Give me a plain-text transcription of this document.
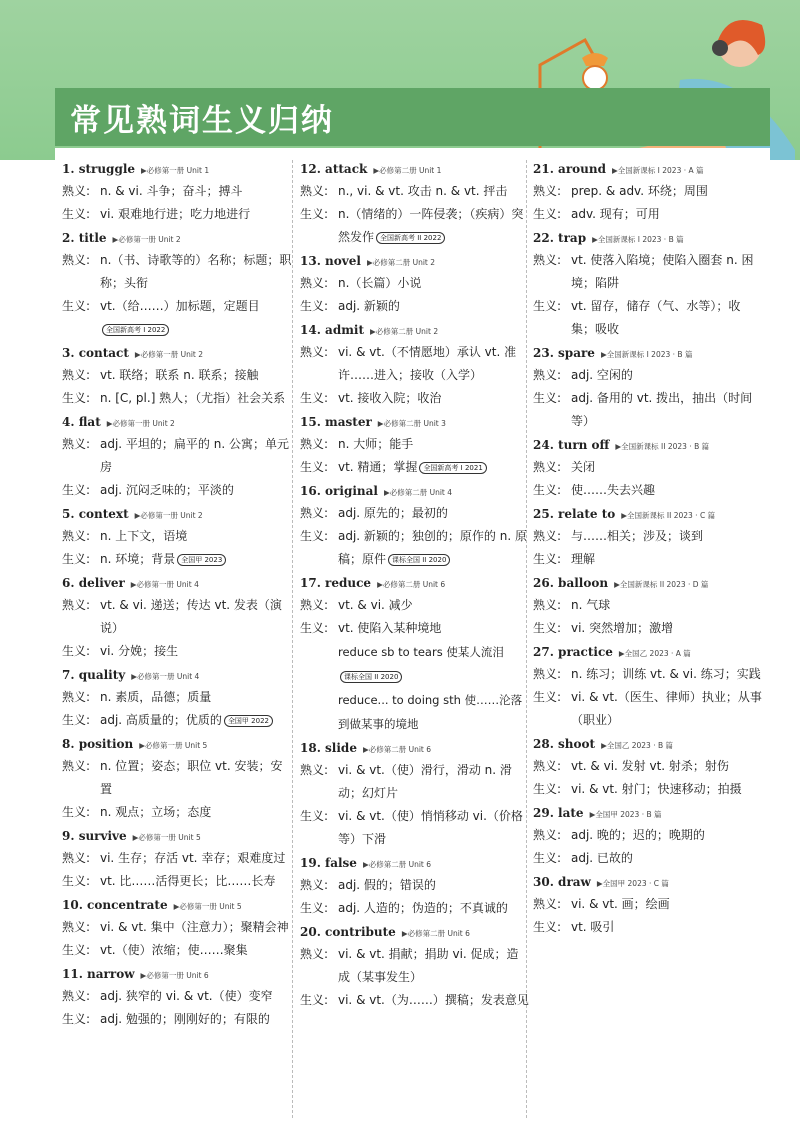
常见熟词生义归纳
1. struggle ▶必修第一册 Unit 1
熟义: n. & vi. 斗争；奋斗；搏斗
生义: vi. 艰难地行进；吃力地进行
2. title ▶必修第一册 Unit 2
熟义: n.（书、诗歌等的）名称；标题；职称；头衔
生义: vt.（给……）加标题，定题目全国新高考 I 2022
3. contact ▶必修第一册 Unit 2
熟义: vt. 联络；联系 n. 联系；接触
生义: n. [C, pl.] 熟人；（尤指）社会关系
4. flat ▶必修第一册 Unit 2
熟义: adj. 平坦的；扁平的 n. 公寓；单元房
生义: adj. 沉闷乏味的；平淡的
5. context ▶必修第一册 Unit 2
熟义: n. 上下文，语境
生义: n. 环境；背景 全国甲 2023
6. deliver ▶必修第一册 Unit 4
熟义: vt. & vi. 递送；传达 vt. 发表（演说）
生义: vi. 分娩；接生
7. quality ▶必修第一册 Unit 4
熟义: n. 素质，品德；质量
生义: adj. 高质量的；优质的 全国甲 2022
8. position ▶必修第一册 Unit 5
熟义: n. 位置；姿态；职位 vt. 安装；安置
生义: n. 观点；立场；态度
9. survive ▶必修第一册 Unit 5
熟义: vi. 生存；存活 vt. 幸存；艰难度过
生义: vt. 比……活得更长；比……长寿
10. concentrate ▶必修第一册 Unit 5
熟义: vi. & vt. 集中（注意力）；聚精会神
生义: vt.（使）浓缩；使……聚集
11. narrow ▶必修第一册 Unit 6
熟义: adj. 狭窄的 vi. & vt.（使）变窄
生义: adj. 勉强的；刚刚好的；有限的
12. attack ▶必修第二册 Unit 1
熟义: n., vi. & vt. 攻击 n. & vt. 抨击
生义: n.（情绪的）一阵侵袭；（疾病）突然发作 全国新高考 II 2022
13. novel ▶必修第二册 Unit 2
熟义: n.（长篇）小说
生义: adj. 新颖的
14. admit ▶必修第二册 Unit 2
熟义: vi. & vt.（不情愿地）承认 vt. 准许……进入；接收（入学）
生义: vt. 接收入院；收治
15. master ▶必修第二册 Unit 3
熟义: n. 大师；能手
生义: vt. 精通；掌握 全国新高考 I 2021
16. original ▶必修第二册 Unit 4
熟义: adj. 原先的；最初的
生义: adj. 新颖的；独创的；原作的 n. 原稿；原件 课标全国 II 2020
17. reduce ▶必修第二册 Unit 6
熟义: vt. & vi. 减少
生义: vt. 使陷入某种境地
reduce sb to tears 使某人流泪
课标全国 II 2020
reduce... to doing sth 使……沦落到做某事的境地
18. slide ▶必修第二册 Unit 6
熟义: vi. & vt.（使）滑行，滑动 n. 滑动；幻灯片
生义: vi. & vt.（使）悄悄移动 vi.（价格等）下滑
19. false ▶必修第二册 Unit 6
熟义: adj. 假的；错误的
生义: adj. 人造的；伪造的；不真诚的
20. contribute ▶必修第二册 Unit 6
熟义: vi. & vt. 捐献；捐助 vi. 促成；造成（某事发生）
生义: vi. & vt.（为……）撰稿；发表意见
21. around ▶全国新课标 I 2023 · A 篇
熟义: prep. & adv. 环绕；周围
生义: adv. 现有；可用
22. trap ▶全国新课标 I 2023 · B 篇
熟义: vt. 使落入陷境；使陷入圈套 n. 困境；陷阱
生义: vt. 留存，储存（气、水等）；收集；吸收
23. spare ▶全国新课标 I 2023 · B 篇
熟义: adj. 空闲的
生义: adj. 备用的 vt. 拨出，抽出（时间等）
24. turn off ▶全国新课标 II 2023 · B 篇
熟义: 关闭
生义: 使……失去兴趣
25. relate to ▶全国新课标 II 2023 · C 篇
熟义: 与……相关；涉及；谈到
生义: 理解
26. balloon ▶全国新课标 II 2023 · D 篇
熟义: n. 气球
生义: vi. 突然增加；激增
27. practice ▶全国乙 2023 · A 篇
熟义: n. 练习；训练 vt. & vi. 练习；实践
生义: vi. & vt.（医生、律师）执业；从事（职业）
28. shoot ▶全国乙 2023 · B 篇
熟义: vt. & vi. 发射 vt. 射杀；射伤
生义: vi. & vt. 射门；快速移动；拍摄
29. late ▶全国甲 2023 · B 篇
熟义: adj. 晚的；迟的；晚期的
生义: adj. 已故的
30. draw ▶全国甲 2023 · C 篇
熟义: vi. & vt. 画；绘画
生义: vt. 吸引
